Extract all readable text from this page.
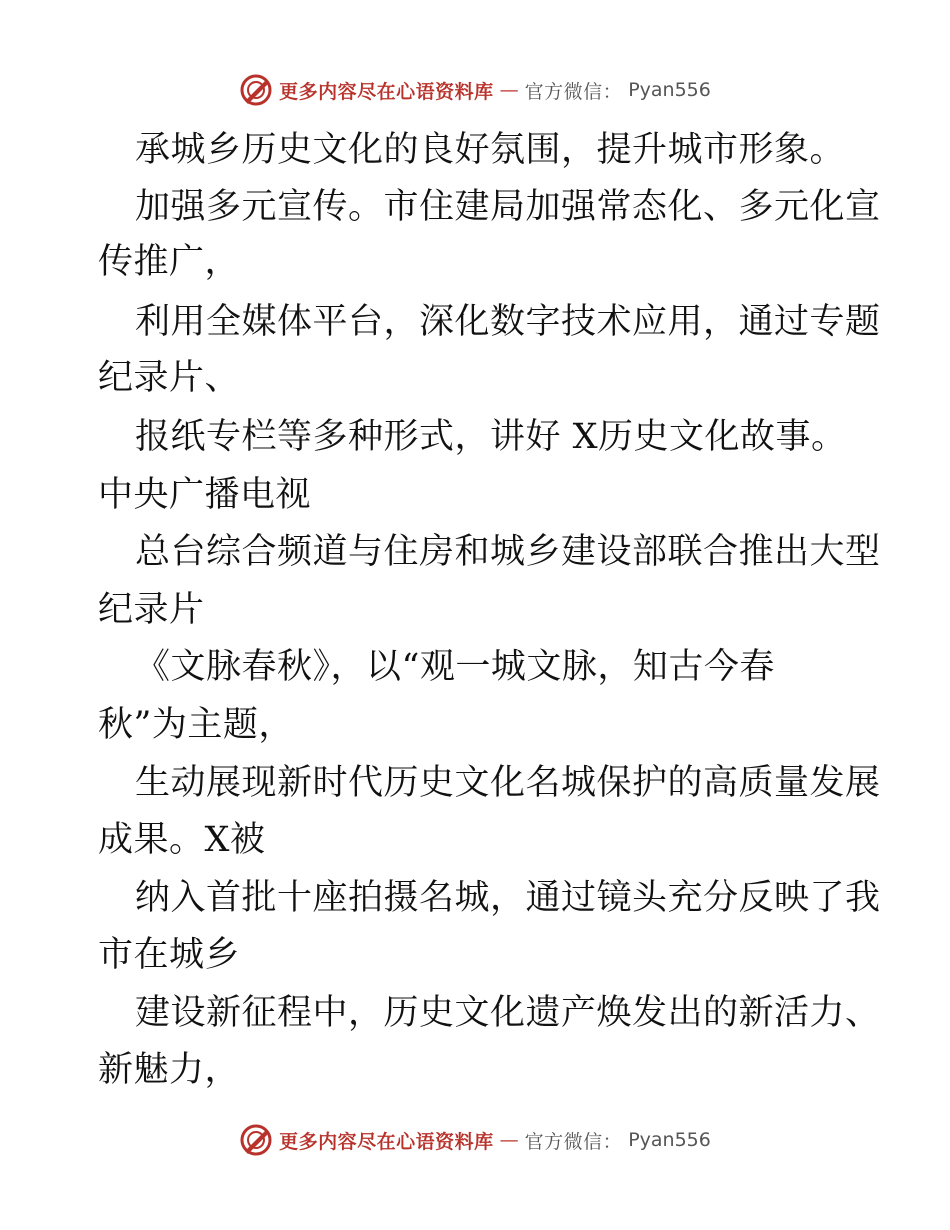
更多内容尽在心语资料库 — 官方微信： Pyan556
承城乡历史文化的良好氛围，提升城市形象。
加强多元宣传。市住建局加强常态化、多元化宣
传推广，
利用全媒体平台，深化数字技术应用，通过专题
纪录片、
报纸专栏等多种形式，讲好 X历史文化故事。
中央广播电视
总台综合频道与住房和城乡建设部联合推出大型
纪录片
《文脉春秋》，以“观一城文脉，知古今春
秋”为主题，
生动展现新时代历史文化名城保护的高质量发展
成果。X被
纳入首批十座拍摄名城，通过镜头充分反映了我
市在城乡
建设新征程中，历史文化遗产焕发出的新活力、
新魅力，
更多内容尽在心语资料库 — 官方微信： Pyan556
